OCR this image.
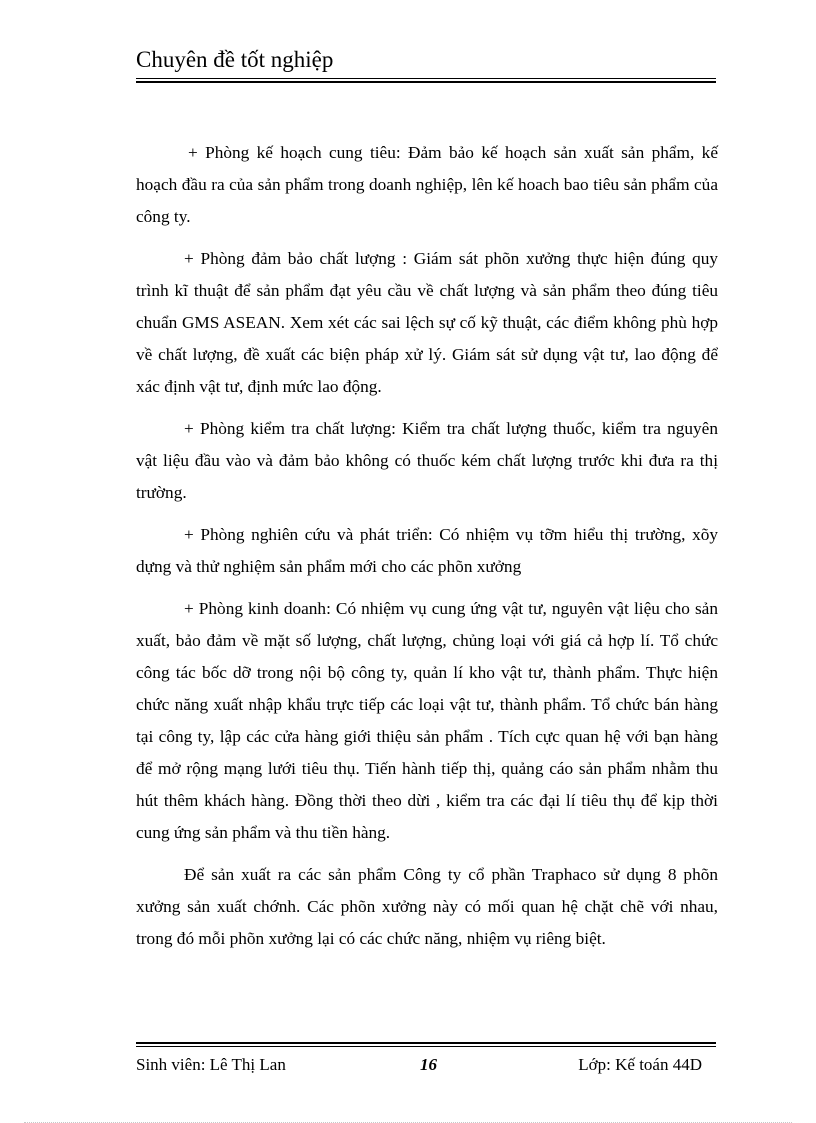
Chuyên đề tốt nghiệp

+ Phòng kế hoạch cung tiêu: Đảm bảo kế hoạch sản xuất sản phẩm, kế hoạch đầu ra của sản phẩm trong doanh nghiệp, lên kế hoach bao tiêu sản phẩm của công ty.

+ Phòng đảm bảo chất lượng : Giám sát phõn xưởng thực hiện đúng quy trình kĩ thuật để sản phẩm đạt yêu cầu về chất lượng và sản phẩm theo đúng tiêu chuẩn GMS ASEAN. Xem xét các sai lệch sự cố kỹ thuật, các điểm không phù hợp về chất lượng, đề xuất các biện pháp xử lý. Giám sát sử dụng vật tư, lao động để xác định vật tư, định mức lao động.

+ Phòng kiểm tra chất lượng: Kiểm tra chất lượng thuốc, kiểm tra nguyên vật liệu đầu vào và đảm bảo không có thuốc kém chất lượng trước khi đưa ra thị trường.

+ Phòng nghiên cứu và phát triển: Có nhiệm vụ tỡm hiểu thị trường, xõy dựng và thử nghiệm sản phẩm mới cho các phõn xưởng

+ Phòng kinh doanh: Có nhiệm vụ cung ứng vật tư, nguyên vật liệu cho sản xuất, bảo đảm về mặt số lượng, chất lượng, chủng loại với giá cả hợp lí. Tổ chức công tác bốc dỡ trong nội bộ công ty, quản lí kho vật tư, thành phẩm. Thực hiện chức năng xuất nhập khẩu trực tiếp các loại vật tư, thành phẩm. Tổ chức bán hàng tại công ty, lập các cửa hàng giới thiệu sản phẩm . Tích cực quan hệ với bạn hàng để mở rộng mạng lưới tiêu thụ. Tiến hành tiếp thị, quảng cáo sản phẩm nhằm thu hút thêm khách hàng. Đồng thời theo dừi , kiểm tra các đại lí tiêu thụ để kịp thời cung ứng sản phẩm và thu tiền hàng.

Để sản xuất ra các sản phẩm Công ty cổ phần Traphaco sử dụng 8 phõn xưởng sản xuất chớnh. Các phõn xưởng này có mối quan hệ chặt chẽ với nhau, trong đó mỗi phõn xưởng lại có các chức năng, nhiệm vụ riêng biệt.

Sinh viên: Lê Thị Lan	16	Lớp: Kế toán 44D
